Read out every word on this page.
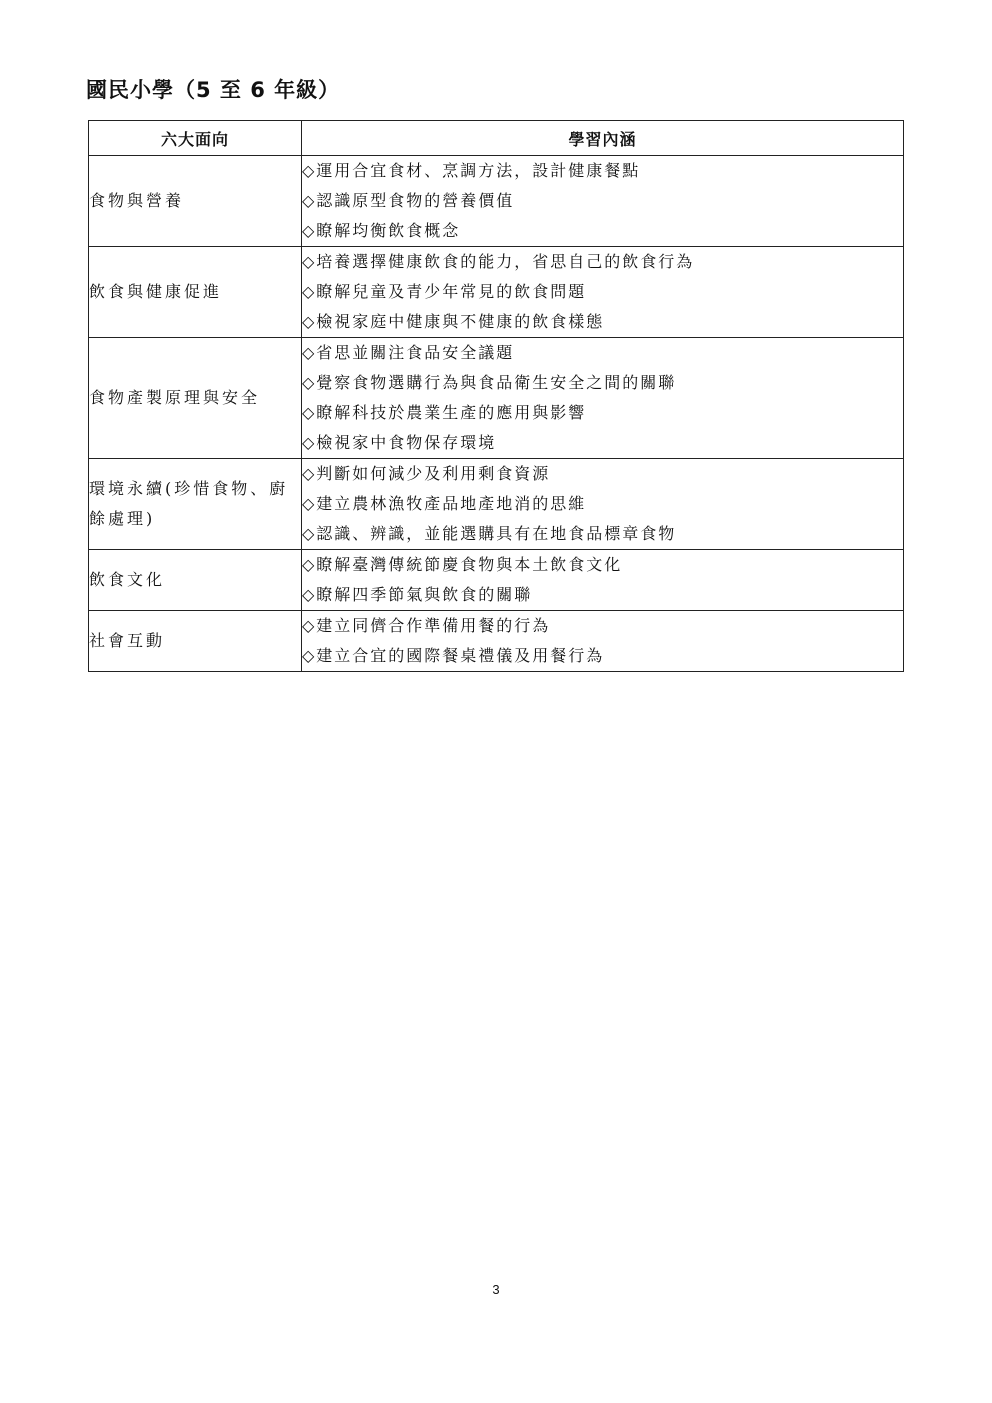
國民小學（5 至 6 年級）
六大面向	學習內涵
食物與營養	◇運用合宜食材、烹調方法，設計健康餐點
◇認識原型食物的營養價值
◇瞭解均衡飲食概念

飲食與健康促進	◇培養選擇健康飲食的能力，省思自己的飲食行為
◇瞭解兒童及青少年常見的飲食問題
◇檢視家庭中健康與不健康的飲食樣態

食物產製原理與安全	◇省思並關注食品安全議題
◇覺察食物選購行為與食品衛生安全之間的關聯
◇瞭解科技於農業生產的應用與影響
◇檢視家中食物保存環境

環境永續(珍惜食物、廚餘處理)	◇判斷如何減少及利用剩食資源
◇建立農林漁牧產品地產地消的思維
◇認識、辨識，並能選購具有在地食品標章食物

飲食文化	◇瞭解臺灣傳統節慶食物與本土飲食文化
◇瞭解四季節氣與飲食的關聯

社會互動	◇建立同儕合作準備用餐的行為
◇建立合宜的國際餐桌禮儀及用餐行為
3
